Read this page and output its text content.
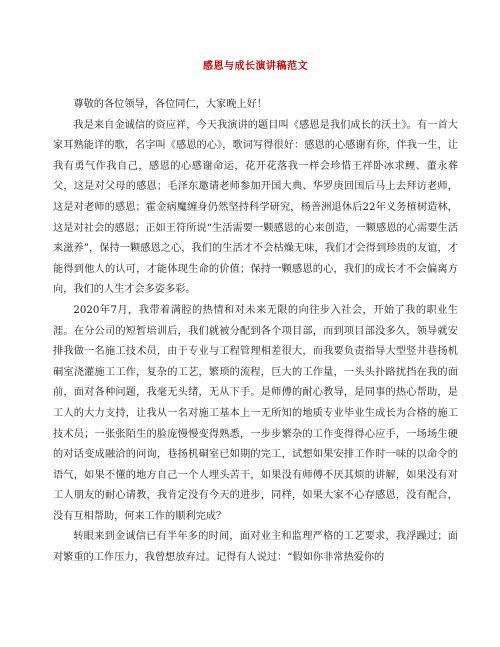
感恩与成长演讲稿范文

尊敬的各位领导，各位同仁，大家晚上好！

我是来自金诚信的资应祥，今天我演讲的题目叫《感恩是我们成长的沃土》。有一首大家耳熟能详的歌，名字叫《感恩的心》，歌词写得很好：感恩的心感谢有你，伴我一生，让我有勇气作我自己，感恩的心感谢命运，花开花落我一样会珍惜王祥卧冰求鲤、董永葬父，这是对父母的感恩；毛泽东邀请老师参加开国大典、华罗庚回国后马上去拜访老师，这是对老师的感恩；霍金病魔缠身仍然坚持科学研究，杨善洲退休后22年义务植树造林，这是对社会的感恩；正如王符所说“生活需要一颗感恩的心来创造，一颗感恩的心需要生活来滋养”，保持一颗感恩之心，我们的生活才不会枯燥无味，我们才会得到珍贵的友谊，才能得到他人的认可，才能体现生命的价值；保持一颗感恩的心，我们的成长才不会偏离方向，我们的人生才会多姿多彩。

2020年7月，我带着满腔的热情和对未来无限的向往步入社会，开始了我的职业生涯。在分公司的短暂培训后，我们就被分配到各个项目部，而到项目部没多久，领导就安排我做一名施工技术员，由于专业与工程管理相差很大，而我要负责指导大型竖井巷扬机硐室浇灌施工工作，复杂的工艺，繁琐的流程，巨大的工作量，一头头扑路扰挡在我的面前，面对各种问题，我毫无头绪，无从下手。是师傅的耐心教导，是同事的热心帮助，是工人的大力支持，让我从一名对施工基本上一无所知的地质专业毕业生成长为合格的施工技术员；一张张陌生的脸庞慢慢变得熟悉，一步步繁杂的工作变得得心应手，一场场生硬的对话变成融洽的问询，巷扬机硐室已如期的完工，试想如果安排工作时一味的以命令的语气，如果不懂的地方自己一个人埋头苦干，如果没有师傅不厌其烦的讲解，如果没有对工人朋友的耐心请教，我肯定没有今天的进步，同样，如果大家不心存感恩，没有配合，没有互相帮助，何来工作的顺利完成？

转眼来到金诚信已有半年多的时间，面对业主和监理严格的工艺要求，我浮躁过；面对繁重的工作压力，我曾想放弃过。记得有人说过：“假如你非常热爱你的
